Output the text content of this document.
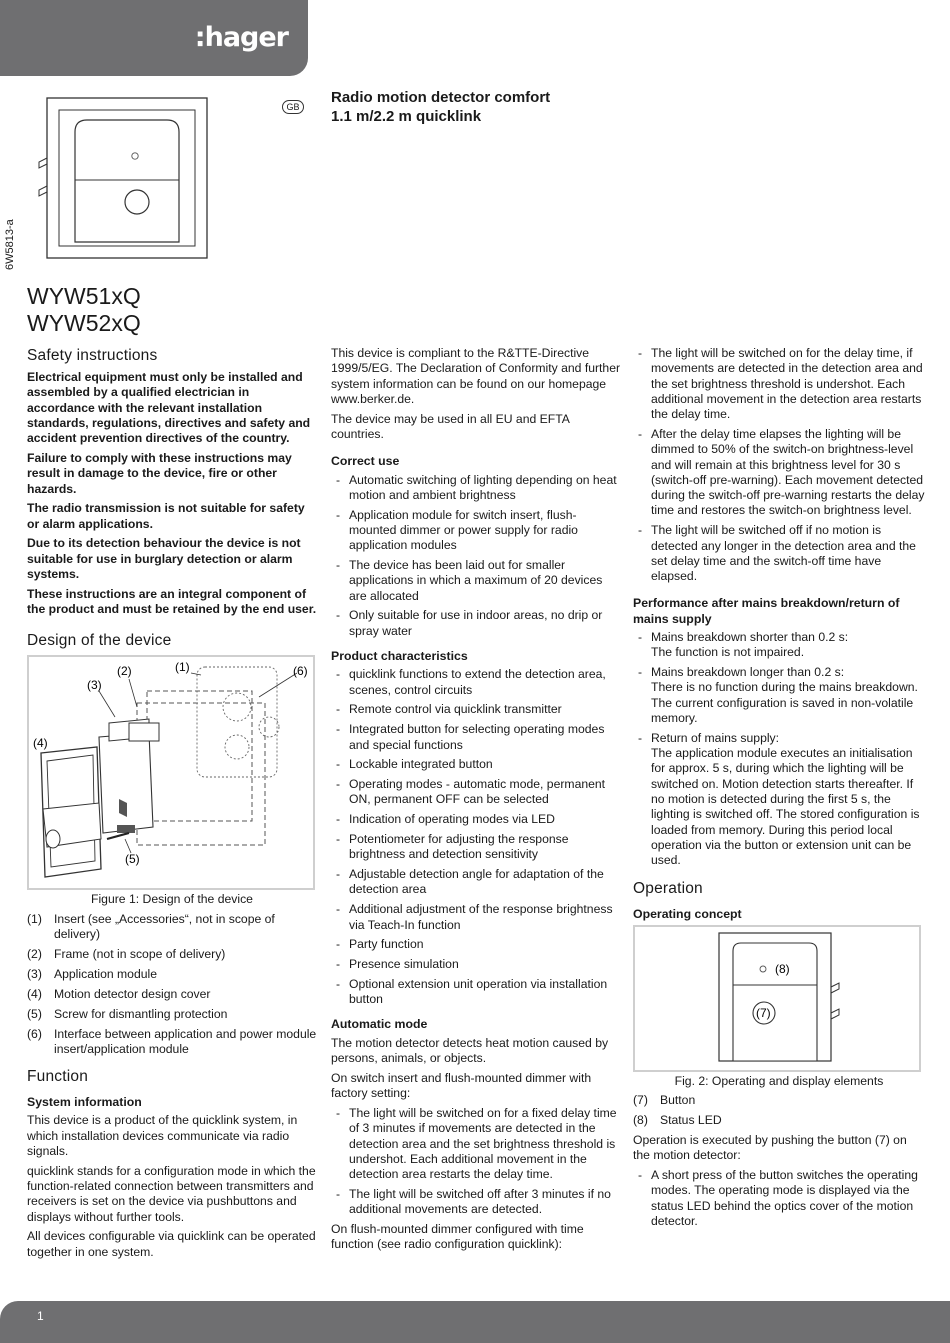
:hager
6W5813-a
GB
Radio motion detector comfort
1.1 m/2.2 m quicklink
WYW51xQ
WYW52xQ
Safety instructions

Electrical equipment must only be installed and assembled by a qualified electrician in accordance with the relevant installation standards, regulations, directives and safety and accident prevention directives of the country.

Failure to comply with these instructions may result in damage to the device, fire or other hazards.

The radio transmission is not suitable for safety or alarm applications.

Due to its detection behaviour the device is not suitable for use in burglary detection or alarm systems.

These instructions are an integral component of the product and must be retained by the end user.

Design of the device
(3)
(2)	(1)	(6)
(4)
(5)
Figure 1: Design of the device
(1) Insert (see „Accessories“, not in scope of delivery)
(2) Frame (not in scope of delivery)
(3) Application module
(4) Motion detector design cover
(5) Screw for dismantling protection
(6) Interface between application and power module insert/application module
Function
System information

This device is a product of the quicklink system, in which installation devices communicate via radio signals.

quicklink stands for a configuration mode in which the function-related connection between transmitters and receivers is set on the device via pushbuttons and displays without further tools.

All devices configurable via quicklink can be operated together in one system.

This device is compliant to the R&TTE-Directive 1999/5/EG. The Declaration of Conformity and further system information can be found on our homepage www.berker.de.

The device may be used in all EU and EFTA countries.

Correct use
- Automatic switching of lighting depending on heat motion and ambient brightness
- Application module for switch insert, flush-mounted dimmer or power supply for radio application modules
- The device has been laid out for smaller applications in which a maximum of 20 devices are allocated
- Only suitable for use in indoor areas, no drip or spray water
Product characteristics
- quicklink functions to extend the detection area, scenes, control circuits
- Remote control via quicklink transmitter
- Integrated button for selecting operating modes and special functions
- Lockable integrated button
- Operating modes - automatic mode, permanent ON, permanent OFF can be selected
- Indication of operating modes via LED
- Potentiometer for adjusting the response brightness and detection sensitivity
- Adjustable detection angle for adaptation of the detection area
- Additional adjustment of the response brightness via Teach-In function
- Party function
- Presence simulation
- Optional extension unit operation via installation button
Automatic mode

The motion detector detects heat motion caused by persons, animals, or objects.

On switch insert and flush-mounted dimmer with factory setting:

- The light will be switched on for a fixed delay time of 3 minutes if movements are detected in the detection area and the set brightness threshold is undershot. Each additional movement in the detection area restarts the delay time.
- The light will be switched off after 3 minutes if no additional movements are detected.

On flush-mounted dimmer configured with time function (see radio configuration quicklink):

- The light will be switched on for the delay time, if movements are detected in the detection area and the set brightness threshold is undershot. Each additional movement in the detection area restarts the delay time.
- After the delay time elapses the lighting will be dimmed to 50% of the switch-on brightness-level and will remain at this brightness level for 30 s (switch-off pre-warning). Each movement detected during the switch-off pre-warning restarts the delay time and restores the switch-on brightness level.
- The light will be switched off if no motion is detected any longer in the detection area and the set delay time and the switch-off time have elapsed.
Performance after mains breakdown/return of mains supply
- Mains breakdown shorter than 0.2 s:
The function is not impaired.
- Mains breakdown longer than 0.2 s:
There is no function during the mains breakdown. The current configuration is saved in non-volatile memory.
- Return of mains supply:
The application module executes an initialisation for approx. 5 s, during which the lighting will be switched on. Motion detection starts thereafter. If no motion is detected during the first 5 s, the lighting is switched off. The stored configuration is loaded from memory. During this period local operation via the button or extension unit can be used.
Operation
Operating concept
(8)
(7)
Fig. 2: Operating and display elements
(7) Button
(8) Status LED

Operation is executed by pushing the button (7) on the motion detector:

- A short press of the button switches the operating modes. The operating mode is displayed via the status LED behind the optics cover of the motion detector.
1
